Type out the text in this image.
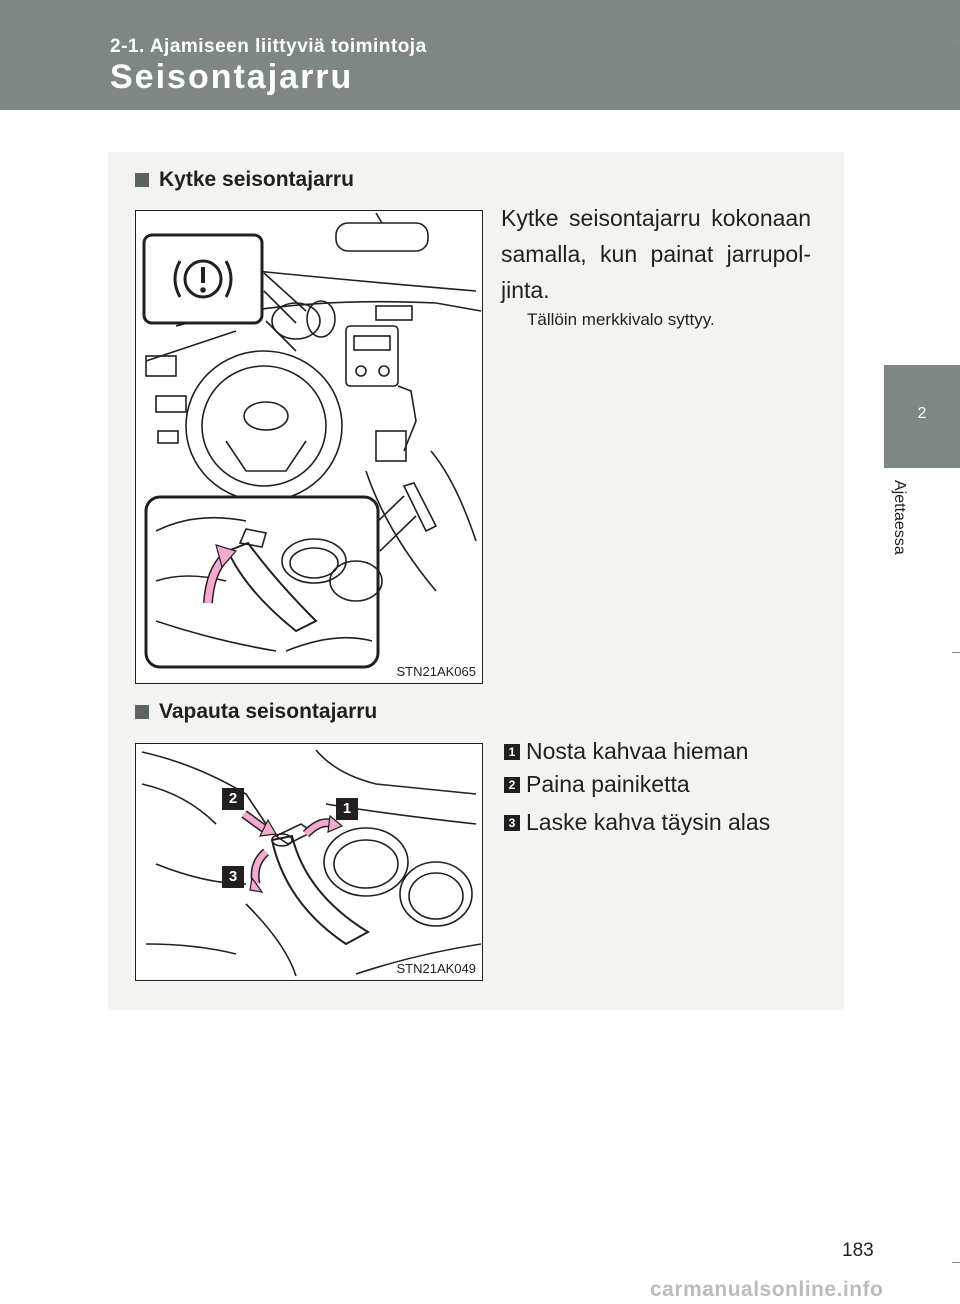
2-1. Ajamiseen liittyviä toimintoja
Seisontajarru
2
Ajettaessa
Kytke seisontajarru
STN21AK065
Kytke seisontajarru kokonaan samalla, kun painat jarrupol-jinta.
Tällöin merkkivalo syttyy.
Vapauta seisontajarru
2
1
3
STN21AK049
1 Nosta kahvaa hieman
2 Paina painiketta
3 Laske kahva täysin alas
183
carmanualsonline.info
